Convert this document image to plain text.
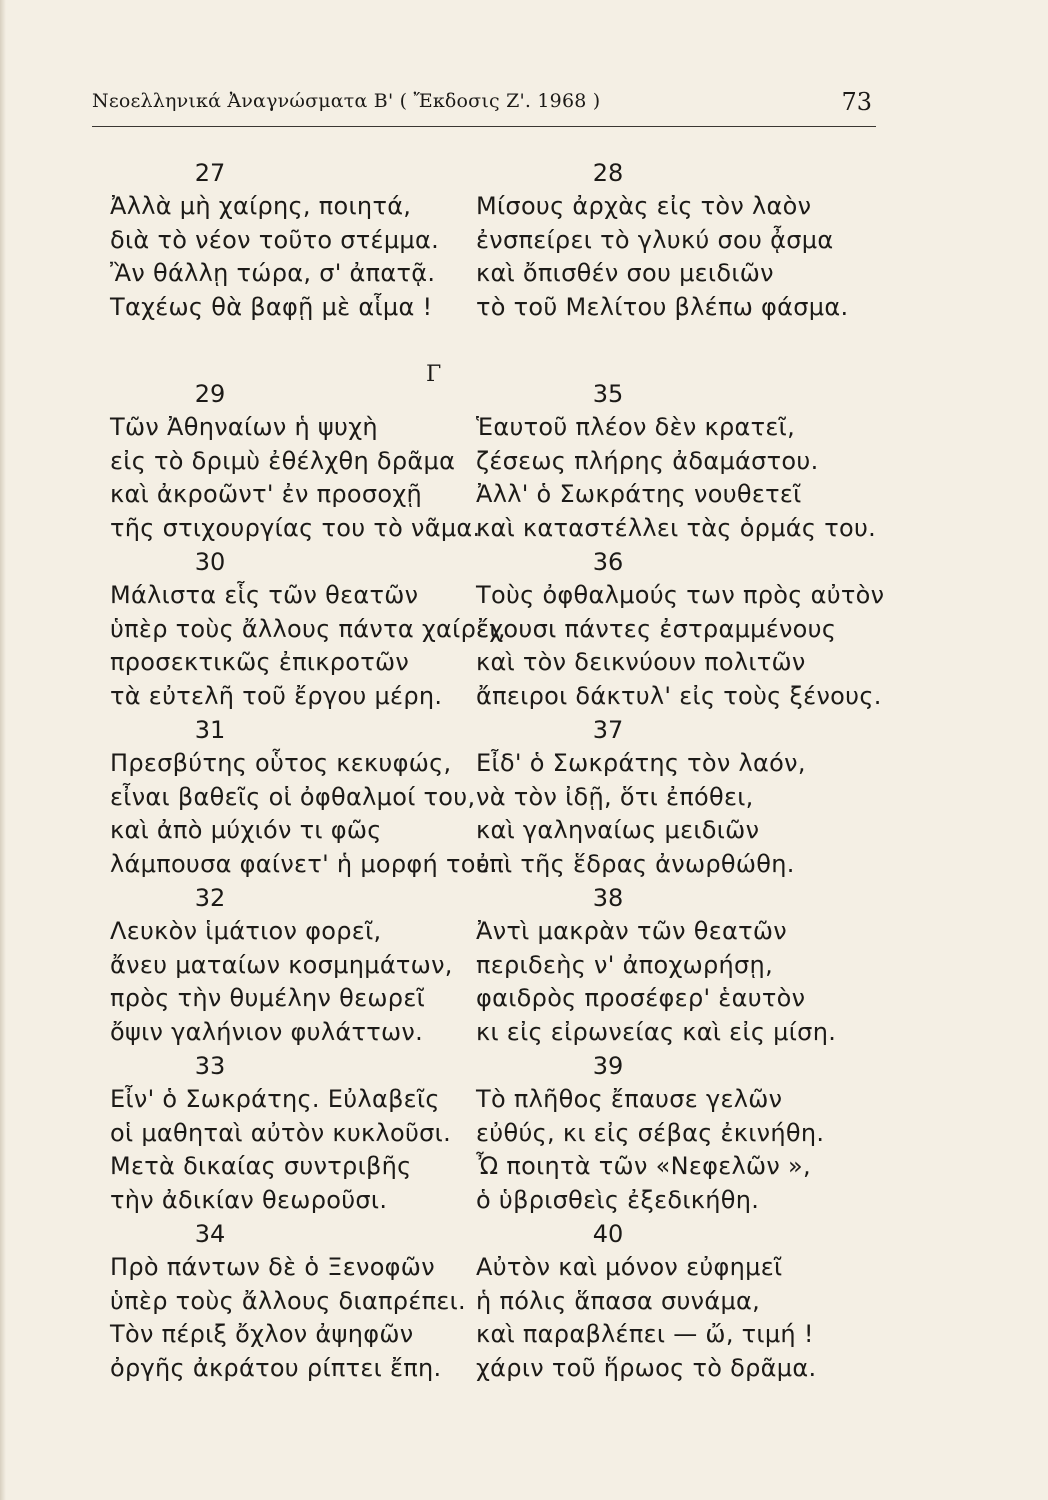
Νεοελληνικά Ἀναγνώσματα Β' ( Ἔκδοσις Ζ'. 1968 )	73
27
Ἀλλὰ μὴ χαίρης, ποιητά,
διὰ τὸ νέον τοῦτο στέμμα.
Ἂν θάλλῃ τώρα, σ' ἀπατᾷ.
Ταχέως θὰ βαφῇ μὲ αἷμα !
28
Μίσους ἀρχὰς εἰς τὸν λαὸν
ἐνσπείρει τὸ γλυκύ σου ᾆσμα
καὶ ὄπισθέν σου μειδιῶν
τὸ τοῦ Μελίτου βλέπω φάσμα.
Γ
29
Τῶν Ἀθηναίων ἡ ψυχὴ
εἰς τὸ δριμὺ ἐθέλχθη δρᾶμα
καὶ ἀκροῶντ' ἐν προσοχῇ
τῆς στιχουργίας του τὸ νᾶμα.
30
Μάλιστα εἷς τῶν θεατῶν
ὑπὲρ τοὺς ἄλλους πάντα χαίρει,
προσεκτικῶς ἐπικροτῶν
τὰ εὐτελῆ τοῦ ἔργου μέρη.
31
Πρεσβύτης οὗτος κεκυφώς,
εἶναι βαθεῖς οἱ ὀφθαλμοί του,
καὶ ἀπὸ μύχιόν τι φῶς
λάμπουσα φαίνετ' ἡ μορφή του.
32
Λευκὸν ἱμάτιον φορεῖ,
ἄνευ ματαίων κοσμημάτων,
πρὸς τὴν θυμέλην θεωρεῖ
ὄψιν γαλήνιον φυλάττων.
33
Εἶν' ὁ Σωκράτης. Εὐλαβεῖς
οἱ μαθηταὶ αὐτὸν κυκλοῦσι.
Μετὰ δικαίας συντριβῆς
τὴν ἀδικίαν θεωροῦσι.
34
Πρὸ πάντων δὲ ὁ Ξενοφῶν
ὑπὲρ τοὺς ἄλλους διαπρέπει.
Τὸν πέριξ ὄχλον ἀψηφῶν
ὀργῆς ἀκράτου ρίπτει ἔπη.
35
Ἑαυτοῦ πλέον δὲν κρατεῖ,
ζέσεως πλήρης ἀδαμάστου.
Ἀλλ' ὁ Σωκράτης νουθετεῖ
καὶ καταστέλλει τὰς ὁρμάς του.
36
Τοὺς ὀφθαλμούς των πρὸς αὐτὸν
ἔχουσι πάντες ἐστραμμένους
καὶ τὸν δεικνύουν πολιτῶν
ἄπειροι δάκτυλ' εἰς τοὺς ξένους.
37
Εἶδ' ὁ Σωκράτης τὸν λαόν,
νὰ τὸν ἰδῇ, ὅτι ἐπόθει,
καὶ γαληναίως μειδιῶν
ἐπὶ τῆς ἕδρας ἀνωρθώθη.
38
Ἀντὶ μακρὰν τῶν θεατῶν
περιδεὴς ν' ἀποχωρήσῃ,
φαιδρὸς προσέφερ' ἑαυτὸν
κι εἰς εἰρωνείας καὶ εἰς μίση.
39
Τὸ πλῆθος ἔπαυσε γελῶν
εὐθύς, κι εἰς σέβας ἐκινήθη.
Ὦ ποιητὰ τῶν «Νεφελῶν »,
ὁ ὑβρισθεὶς ἐξεδικήθη.
40
Αὐτὸν καὶ μόνον εὐφημεῖ
ἡ πόλις ἅπασα συνάμα,
καὶ παραβλέπει — ὤ, τιμή !
χάριν τοῦ ἥρωος τὸ δρᾶμα.
